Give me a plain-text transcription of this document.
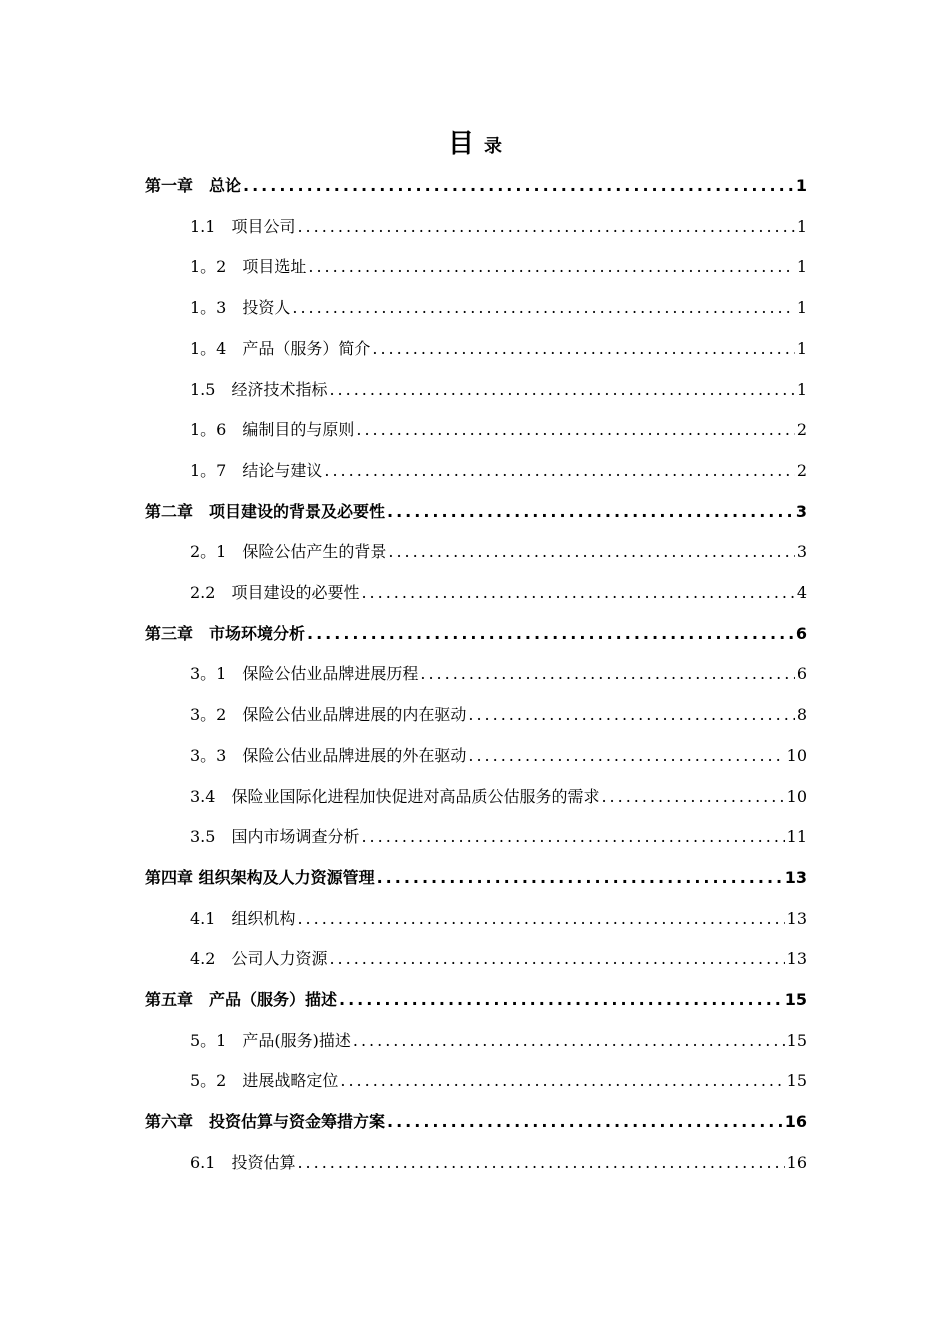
目 录
第一章　总论 .....	1
1.1　项目公司 .....	1
1。2　项目选址 .....	1
1。3　投资人 .....	1
1。4　产品（服务）简介 .....	1
1.5　经济技术指标 .....	1
1。6　编制目的与原则 .....	2
1。7　结论与建议 .....	2
第二章　项目建设的背景及必要性 .....	3
2。1　保险公估产生的背景 .....	3
2.2　项目建设的必要性 .....	4
第三章　市场环境分析 .....	6
3。1　保险公估业品牌进展历程 .....	6
3。2　保险公估业品牌进展的内在驱动 .....	8
3。3　保险公估业品牌进展的外在驱动 .....	10
3.4　保险业国际化进程加快促进对高品质公估服务的需求 .....	10
3.5　国内市场调查分析 .....	11
第四章 组织架构及人力资源管理 .....	13
4.1　组织机构 .....	13
4.2　公司人力资源 .....	13
第五章　产品（服务）描述 .....	15
5。1　产品(服务)描述 .....	15
5。2　进展战略定位 .....	15
第六章　投资估算与资金筹措方案 .....	16
6.1　投资估算 .....	16
